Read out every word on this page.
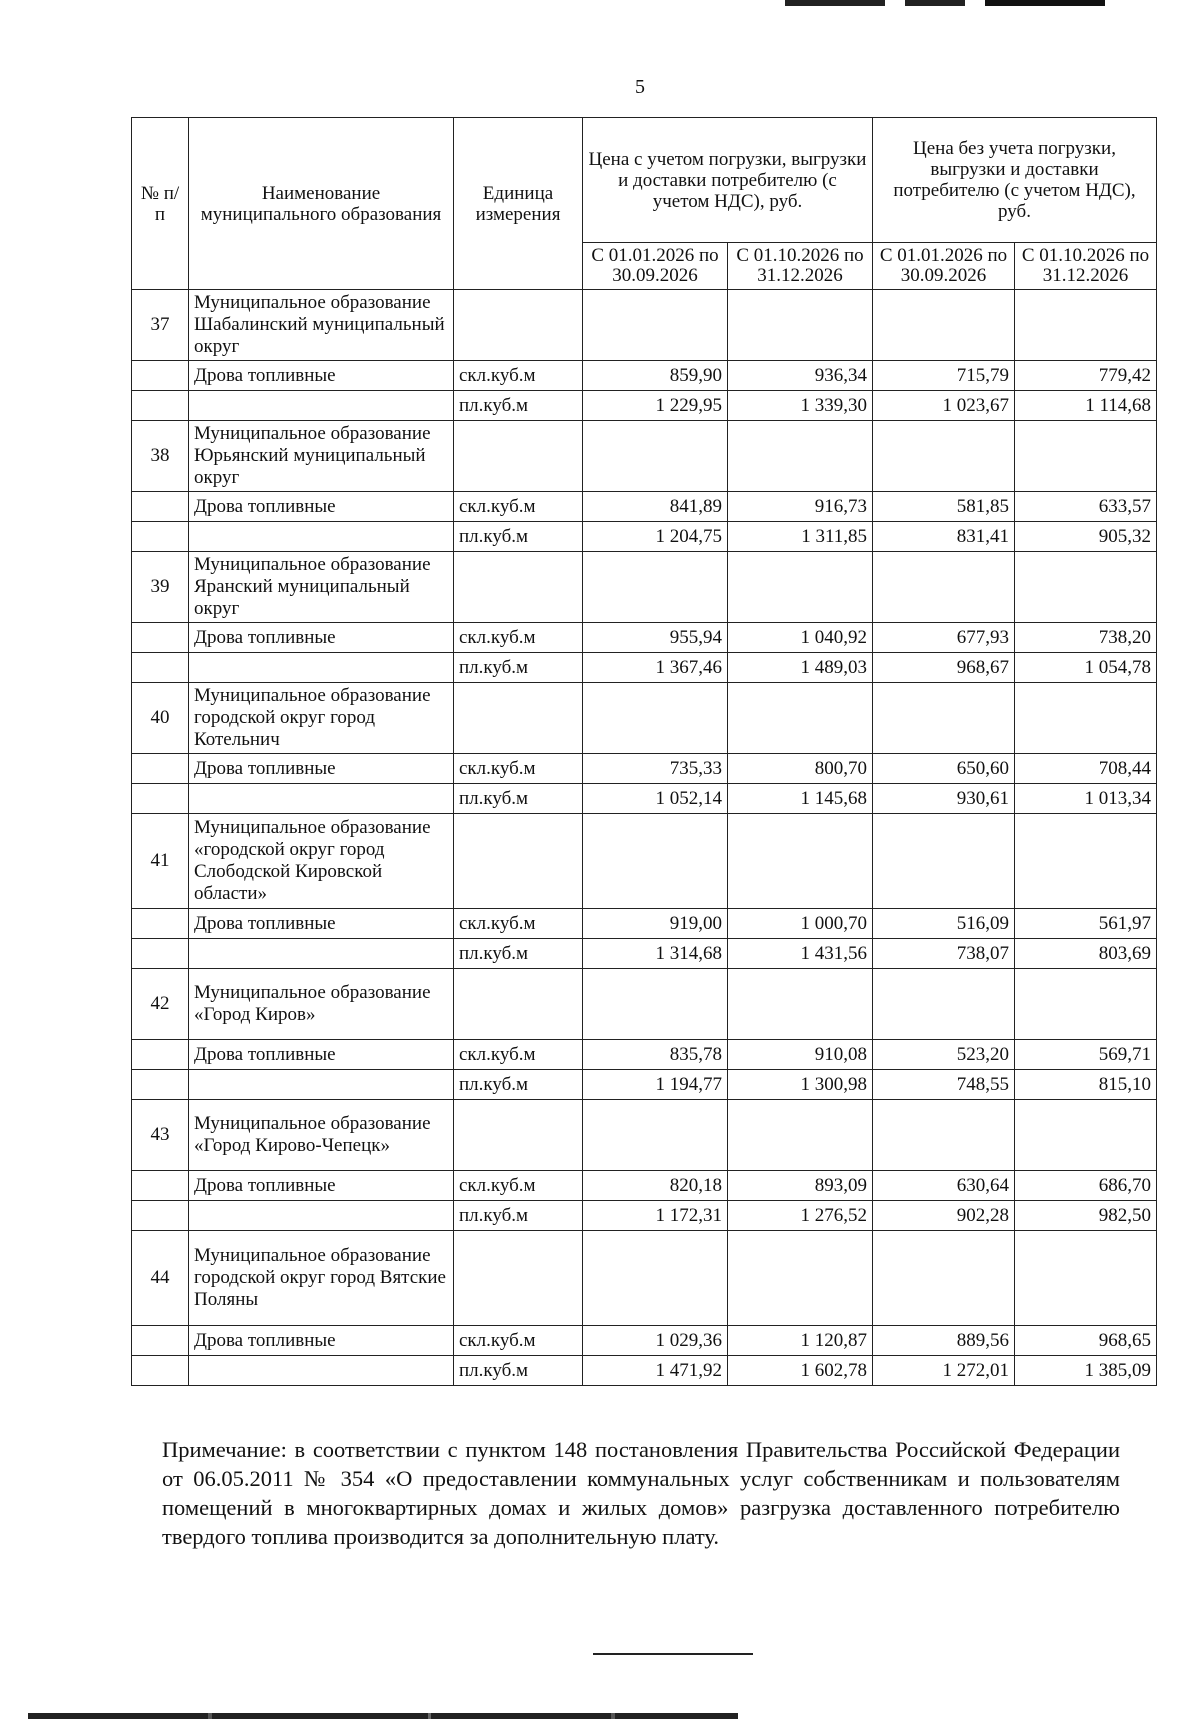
5
№ п/п	Наименование муниципального образования	Единица измерения	Цена с учетом погрузки, выгрузки и доставки потребителю (с учетом НДС), руб.		Цена без учета погрузки, выгрузки и доставки потребителю (с учетом НДС), руб.	
			С 01.01.2026 по 30.09.2026	С 01.10.2026 по 31.12.2026	С 01.01.2026 по 30.09.2026	С 01.10.2026 по 31.12.2026
37	Муниципальное образование Шабалинский муниципальный округ					
	Дрова топливные	скл.куб.м	859,90	936,34	715,79	779,42
		пл.куб.м	1 229,95	1 339,30	1 023,67	1 114,68
38	Муниципальное образование Юрьянский муниципальный округ					
	Дрова топливные	скл.куб.м	841,89	916,73	581,85	633,57
		пл.куб.м	1 204,75	1 311,85	831,41	905,32
39	Муниципальное образование Яранский муниципальный округ					
	Дрова топливные	скл.куб.м	955,94	1 040,92	677,93	738,20
		пл.куб.м	1 367,46	1 489,03	968,67	1 054,78
40	Муниципальное образование городской округ город Котельнич					
	Дрова топливные	скл.куб.м	735,33	800,70	650,60	708,44
		пл.куб.м	1 052,14	1 145,68	930,61	1 013,34
41	Муниципальное образование «городской округ город Слободской Кировской области»					
	Дрова топливные	скл.куб.м	919,00	1 000,70	516,09	561,97
		пл.куб.м	1 314,68	1 431,56	738,07	803,69
42	Муниципальное образование «Город Киров»					
	Дрова топливные	скл.куб.м	835,78	910,08	523,20	569,71
		пл.куб.м	1 194,77	1 300,98	748,55	815,10
43	Муниципальное образование «Город Кирово-Чепецк»					
	Дрова топливные	скл.куб.м	820,18	893,09	630,64	686,70
		пл.куб.м	1 172,31	1 276,52	902,28	982,50
44	Муниципальное образование городской округ город Вятские Поляны					
	Дрова топливные	скл.куб.м	1 029,36	1 120,87	889,56	968,65
		пл.куб.м	1 471,92	1 602,78	1 272,01	1 385,09
Примечание: в соответствии с пунктом 148 постановления Правительства Российской Федерации от 06.05.2011 № 354 «О предоставлении коммунальных услуг собственникам и пользователям помещений в многоквартирных домах и жилых домов» разгрузка доставленного потребителю твердого топлива производится за дополнительную плату.
